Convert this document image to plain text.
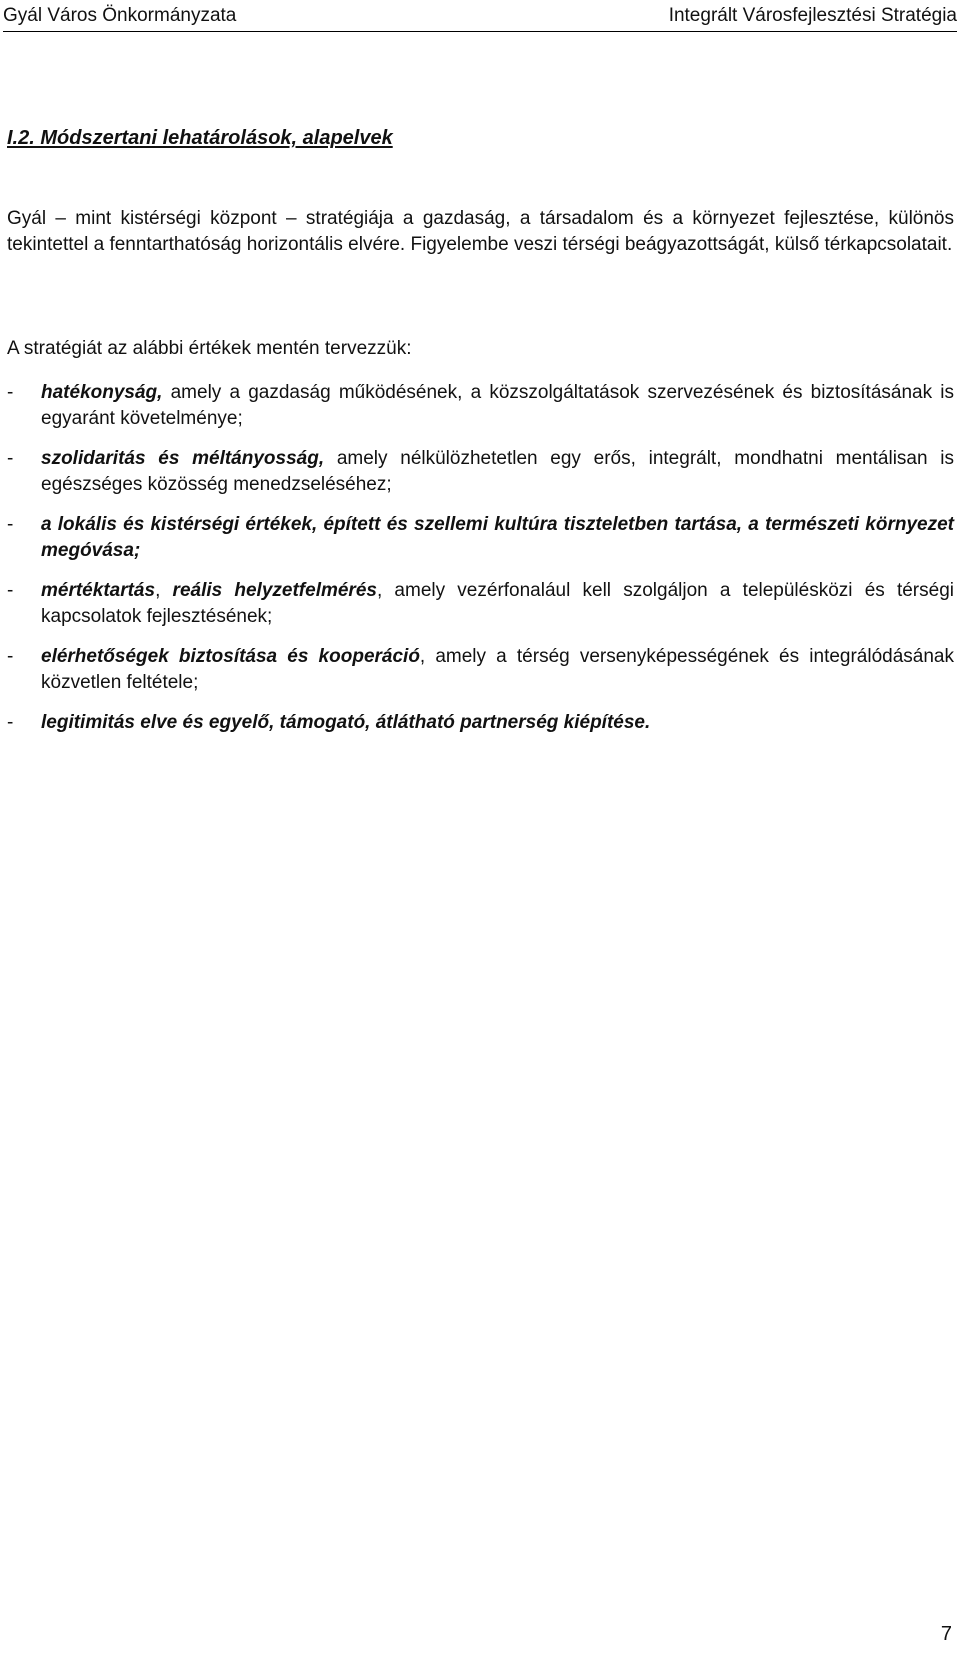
Gyál Város Önkormányzata	Integrált Városfejlesztési Stratégia
I.2. Módszertani lehatárolások, alapelvek

Gyál – mint kistérségi központ – stratégiája a gazdaság, a társadalom és a környezet fejlesztése, különös tekintettel a fenntarthatóság horizontális elvére. Figyelembe veszi térségi beágyazottságát, külső térkapcsolatait.

A stratégiát az alábbi értékek mentén tervezzük:

- hatékonyság, amely a gazdaság működésének, a közszolgáltatások szervezésének és biztosításának is egyaránt követelménye;
- szolidaritás és méltányosság, amely nélkülözhetetlen egy erős, integrált, mondhatni mentálisan is egészséges közösség menedzseléséhez;
- a lokális és kistérségi értékek, épített és szellemi kultúra tiszteletben tartása, a természeti környezet megóvása;
- mértéktartás, reális helyzetfelmérés, amely vezérfonalául kell szolgáljon a településközi és térségi kapcsolatok fejlesztésének;
- elérhetőségek biztosítása és kooperáció, amely a térség versenyképességének és integrálódásának közvetlen feltétele;
- legitimitás elve és egyelő, támogató, átlátható partnerség kiépítése.
7
